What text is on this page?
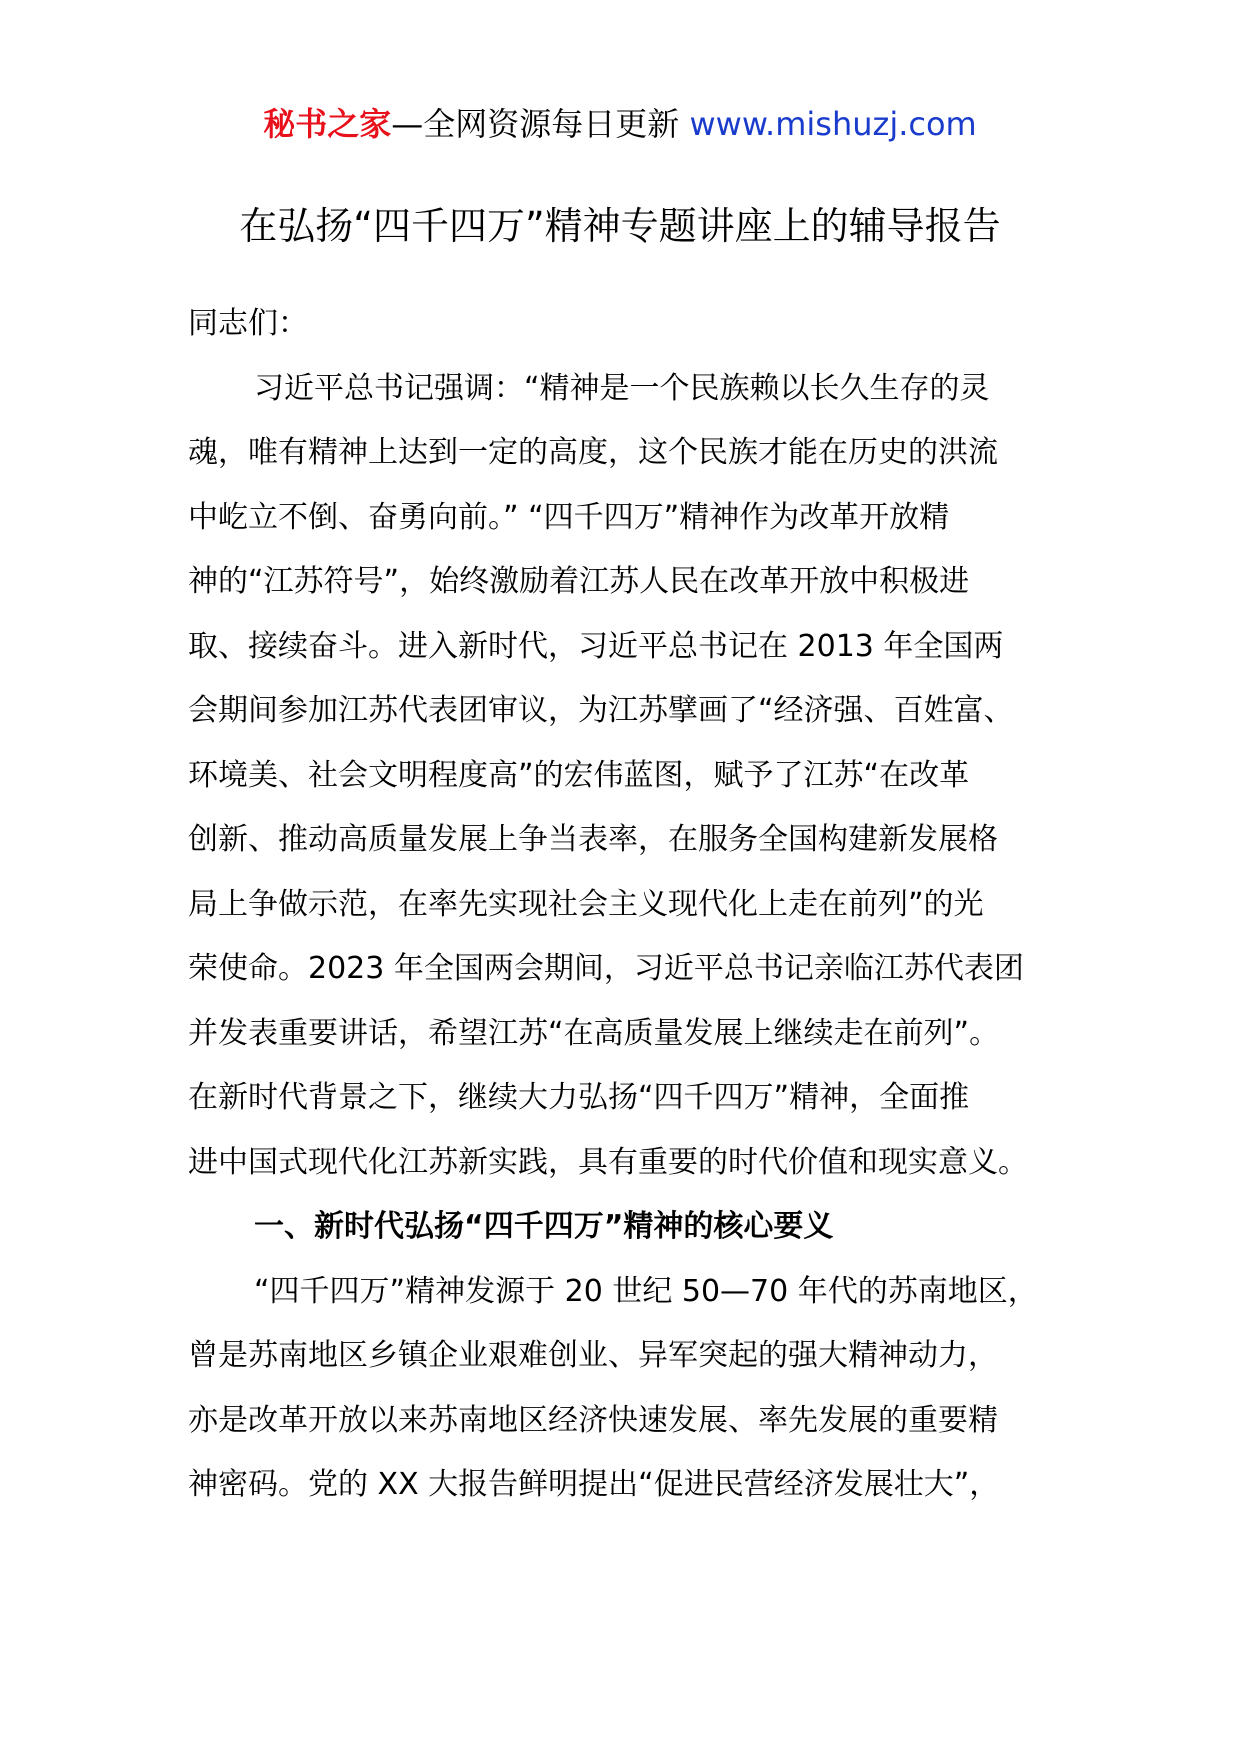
秘书之家—全网资源每日更新 www.mishuzj.com
在弘扬“四千四万”精神专题讲座上的辅导报告
同志们：
习近平总书记强调：“精神是一个民族赖以长久生存的灵
魂，唯有精神上达到一定的高度，这个民族才能在历史的洪流
中屹立不倒、奋勇向前。” “四千四万”精神作为改革开放精
神的“江苏符号”，始终激励着江苏人民在改革开放中积极进
取、接续奋斗。进入新时代，习近平总书记在 2013 年全国两
会期间参加江苏代表团审议，为江苏擘画了“经济强、百姓富、
环境美、社会文明程度高”的宏伟蓝图，赋予了江苏“在改革
创新、推动高质量发展上争当表率，在服务全国构建新发展格
局上争做示范，在率先实现社会主义现代化上走在前列”的光
荣使命。2023 年全国两会期间，习近平总书记亲临江苏代表团
并发表重要讲话，希望江苏“在高质量发展上继续走在前列”。
在新时代背景之下，继续大力弘扬“四千四万”精神，全面推
进中国式现代化江苏新实践，具有重要的时代价值和现实意义。
一、新时代弘扬“四千四万”精神的核心要义
“四千四万”精神发源于 20 世纪 50—70 年代的苏南地区，
曾是苏南地区乡镇企业艰难创业、异军突起的强大精神动力，
亦是改革开放以来苏南地区经济快速发展、率先发展的重要精
神密码。党的 XX 大报告鲜明提出“促进民营经济发展壮大”，
